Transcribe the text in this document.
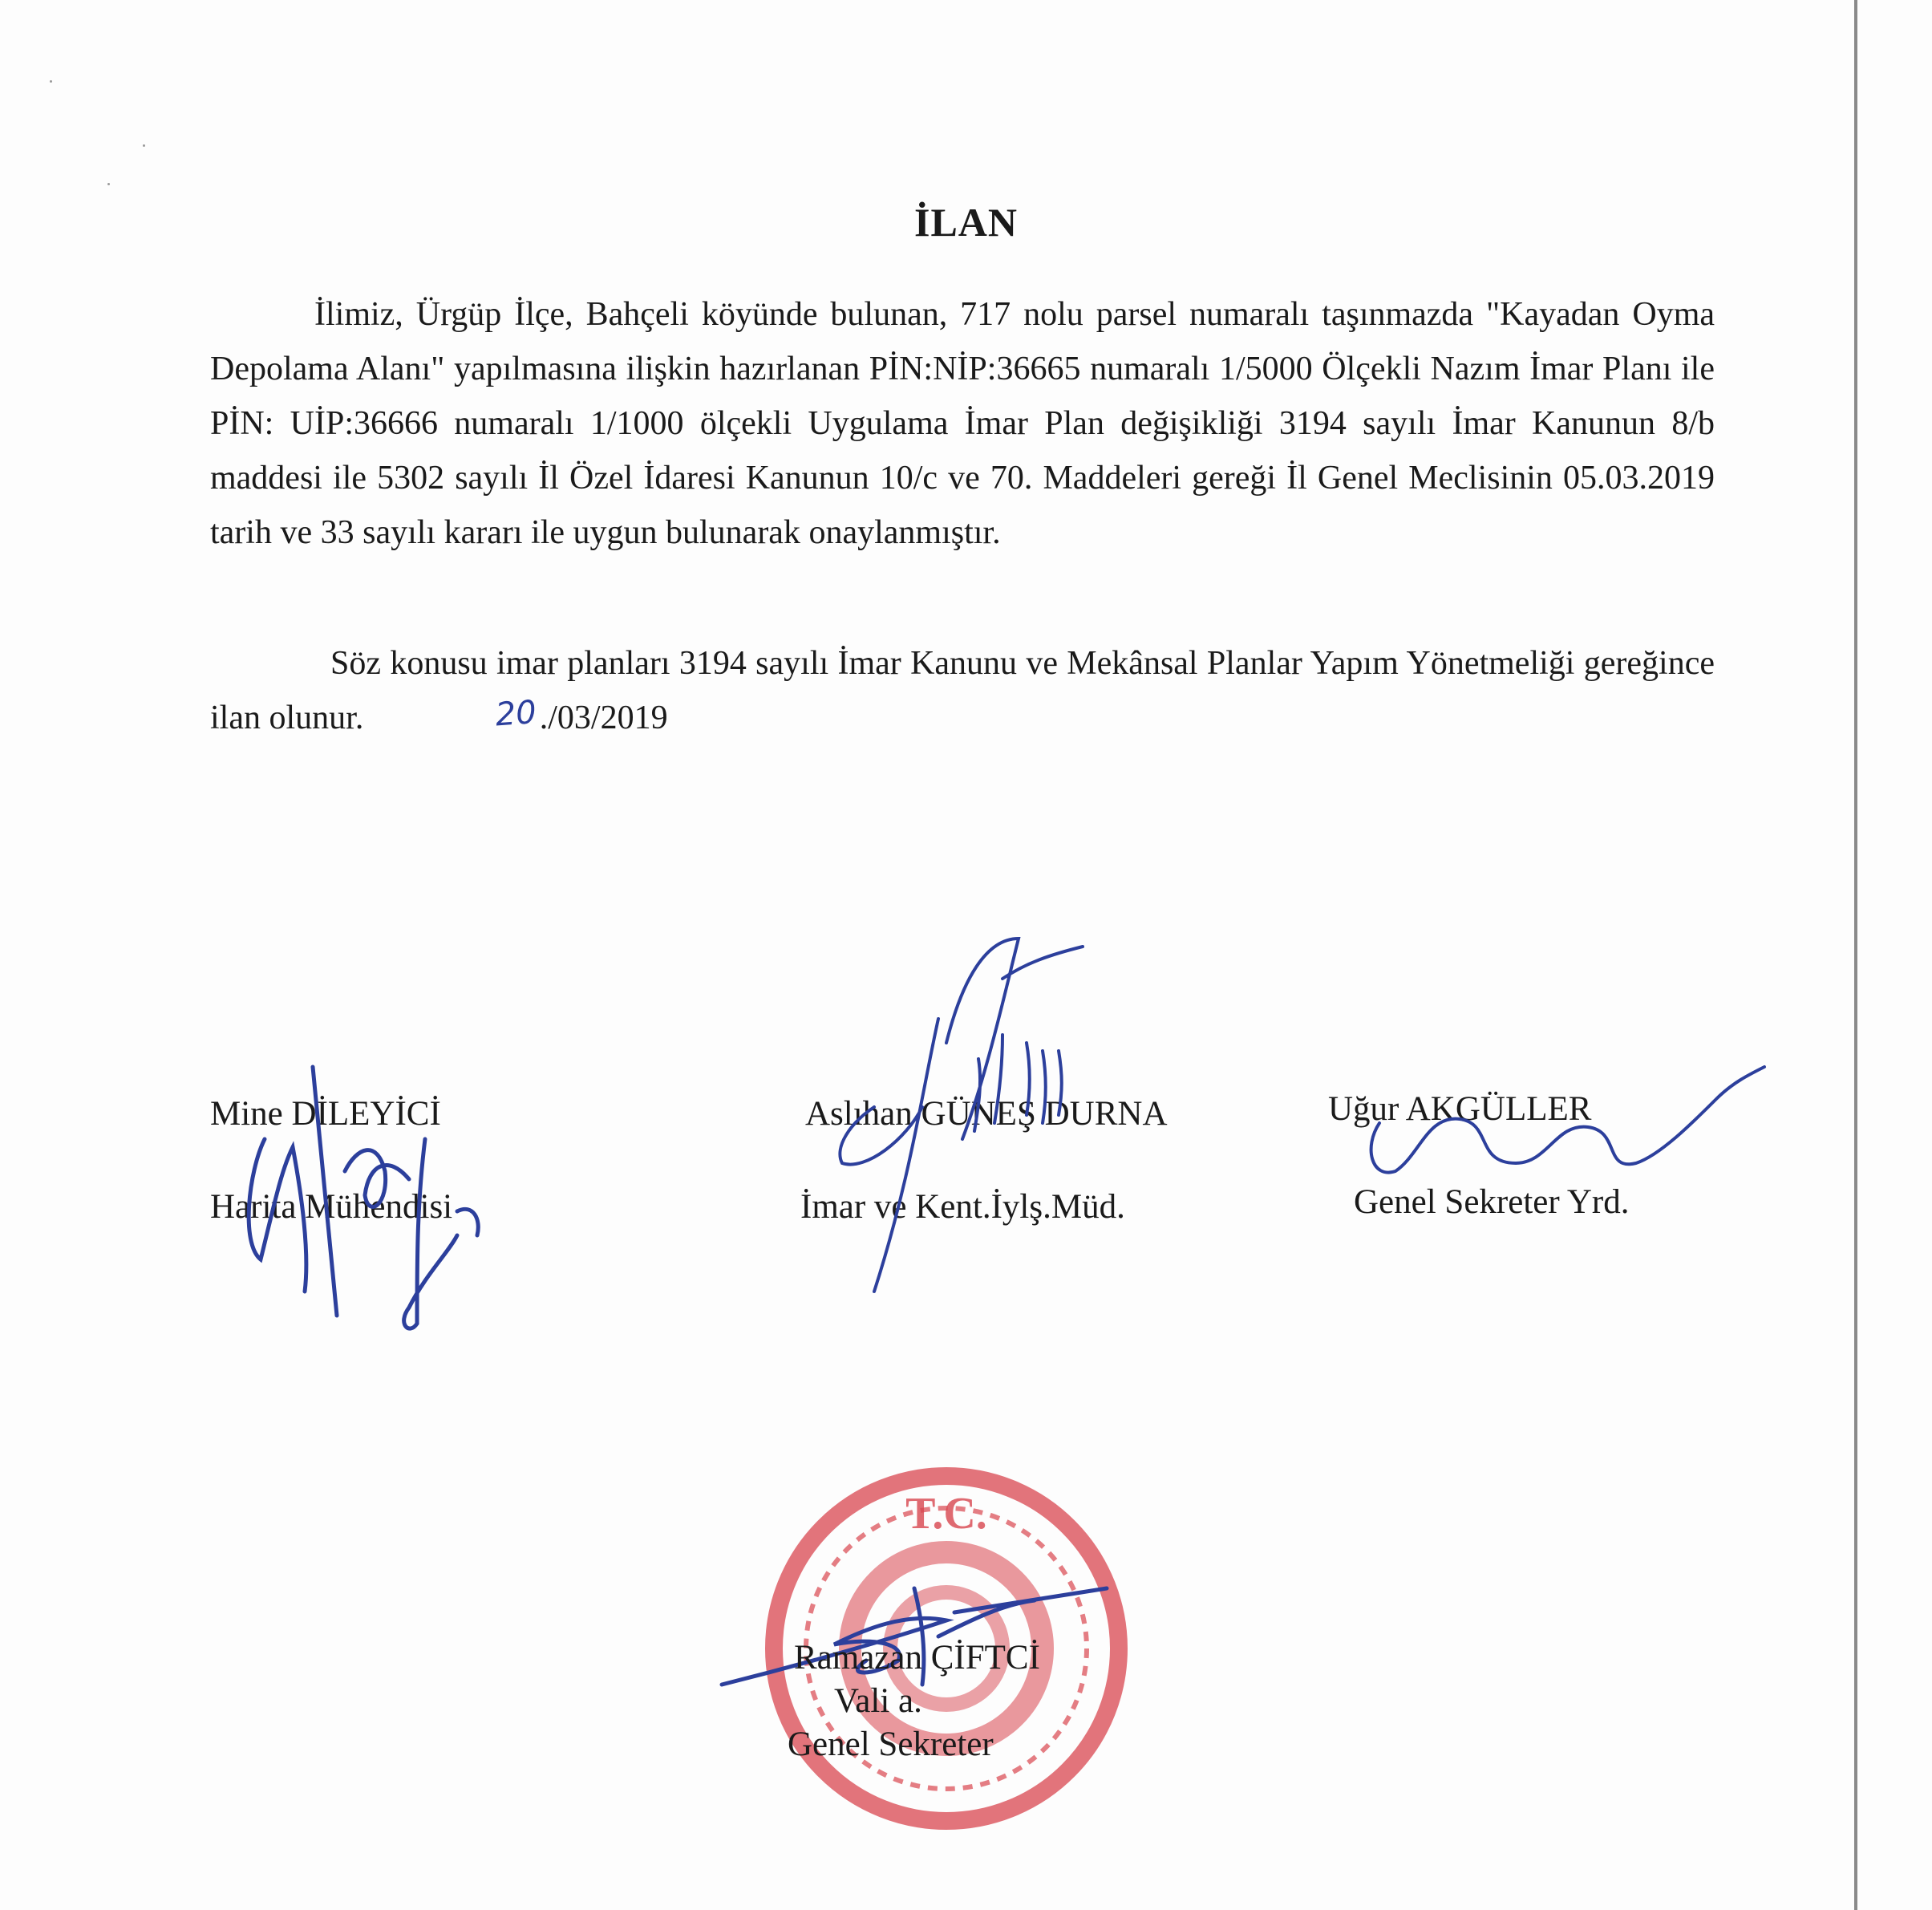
İLAN
İlimiz, Ürgüp İlçe, Bahçeli köyünde bulunan, 717 nolu parsel numaralı taşınmazda "Kayadan Oyma Depolama Alanı" yapılmasına ilişkin hazırlanan PİN:NİP:36665 numaralı 1/5000 Ölçekli Nazım İmar Planı ile PİN: UİP:36666 numaralı 1/1000 ölçekli Uygulama İmar Plan değişikliği 3194 sayılı İmar Kanunun 8/b maddesi ile 5302 sayılı İl Özel İdaresi Kanunun 10/c ve 70. Maddeleri gereği İl Genel Meclisinin 05.03.2019 tarih ve 33 sayılı kararı ile uygun bulunarak onaylanmıştır.
Söz konusu imar planları 3194 sayılı İmar Kanunu ve Mekânsal Planlar Yapım Yönetmeliği gereğince ilan olunur.	20./03/2019
Mine DİLEYİCİ
Harita Mühendisi
Aslıhan GÜNEŞ DURNA
İmar ve Kent.İylş.Müd.
Uğur AKGÜLLER
Genel Sekreter Yrd.
T.C.
Ramazan ÇİFTCİ
Vali a.
Genel Sekreter
